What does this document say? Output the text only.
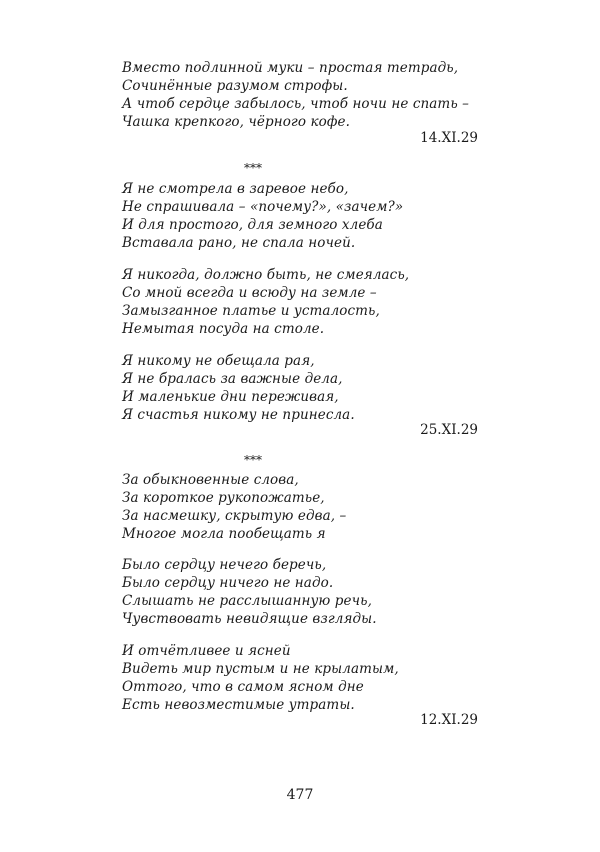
Вместо подлинной муки – простая тетрадь,
Сочинённые разумом строфы.
А чтоб сердце забылось, чтоб ночи не спать –
Чашка крепкого, чёрного кофе.
14.XI.29
***
Я не смотрела в заревое небо,
Не спрашивала – «почему?», «зачем?»
И для простого, для земного хлеба
Вставала рано, не спала ночей.
Я никогда, должно быть, не смеялась,
Со мной всегда и всюду на земле –
Замызганное платье и усталость,
Немытая посуда на столе.
Я никому не обещала рая,
Я не бралась за важные дела,
И маленькие дни переживая,
Я счастья никому не принесла.
25.XI.29
***
За обыкновенные слова,
За короткое рукопожатье,
За насмешку, скрытую едва, –
Многое могла пообещать я
Было сердцу нечего беречь,
Было сердцу ничего не надо.
Слышать не расслышанную речь,
Чувствовать невидящие взгляды.
И отчётливее и ясней
Видеть мир пустым и не крылатым,
Оттого, что в самом ясном дне
Есть невозместимые утраты.
12.XI.29
477
